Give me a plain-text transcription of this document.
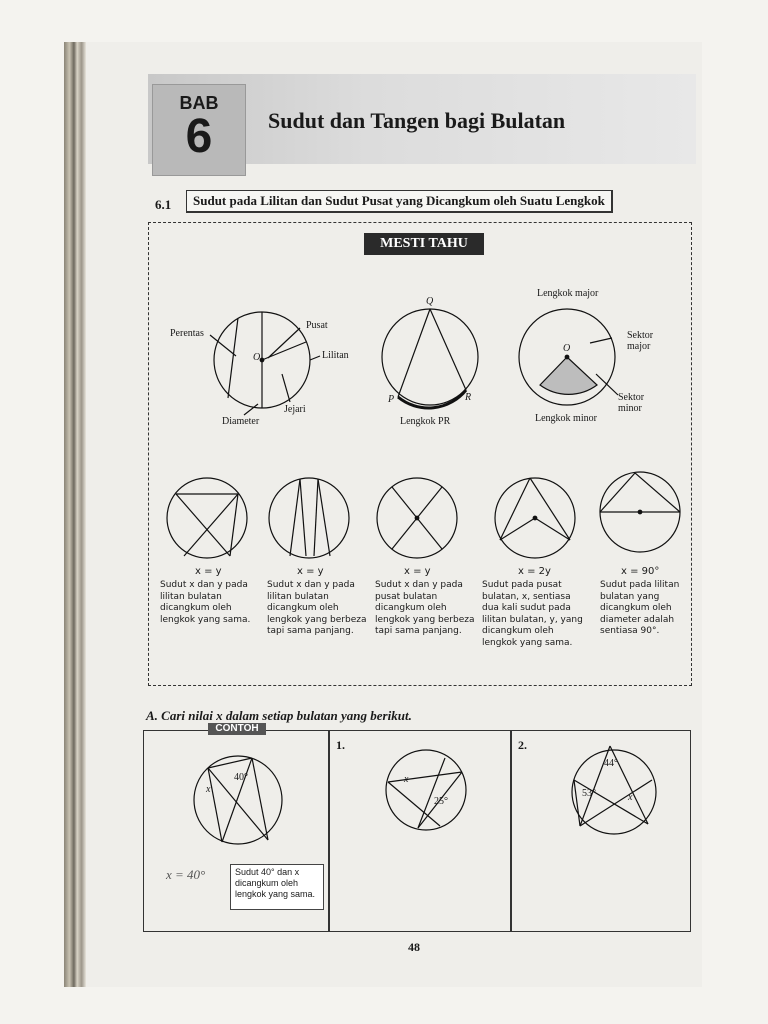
BAB
6	Sudut dan Tangen bagi Bulatan
6.1	Sudut pada Lilitan dan Sudut Pusat yang Dicangkum oleh Suatu Lengkok
MESTI TAHU
Perentas
Pusat
O	Lilitan
Diameter
Jejari
Q
P	R
Lengkok PR
Lengkok major
O
Sektor major
Sektor minor
Lengkok minor
x = y
Sudut x dan y pada lilitan bulatan dicangkum oleh lengkok yang sama.
x = y
Sudut x dan y pada lilitan bulatan dicangkum oleh lengkok yang berbeza tapi sama panjang.
x = y
Sudut x dan y pada pusat bulatan dicangkum oleh lengkok yang berbeza tapi sama panjang.
x = 2y
Sudut pada pusat bulatan, x, sentiasa dua kali sudut pada lilitan bulatan, y, yang dicangkum oleh lengkok yang sama.
x = 90°
Sudut pada lilitan bulatan yang dicangkum oleh diameter adalah sentiasa 90°.
A. Cari nilai x dalam setiap bulatan yang berikut.
CONTOH
40°
x
x = 40°	Sudut 40° dan x dicangkum oleh lengkok yang sama.
1.
x
25°
2.
44°
53°	x
48
